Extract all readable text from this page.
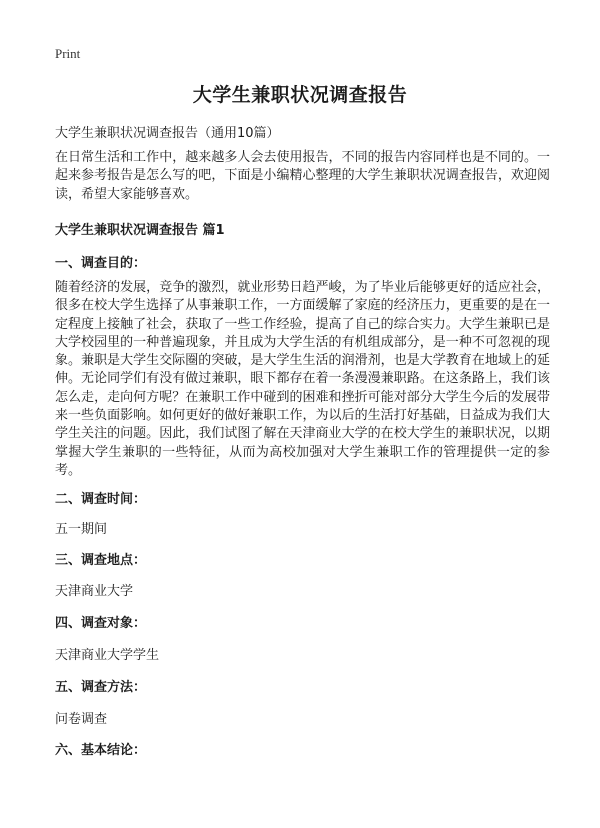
Print
大学生兼职状况调查报告
大学生兼职状况调查报告（通用10篇）

在日常生活和工作中，越来越多人会去使用报告，不同的报告内容同样也是不同的。一起来参考报告是怎么写的吧，下面是小编精心整理的大学生兼职状况调查报告，欢迎阅读，希望大家能够喜欢。

大学生兼职状况调查报告 篇1
一、调查目的：

随着经济的发展，竞争的激烈，就业形势日趋严峻，为了毕业后能够更好的适应社会，很多在校大学生选择了从事兼职工作，一方面缓解了家庭的经济压力，更重要的是在一定程度上接触了社会，获取了一些工作经验，提高了自己的综合实力。大学生兼职已是大学校园里的一种普遍现象，并且成为大学生活的有机组成部分，是一种不可忽视的现象。兼职是大学生交际圈的突破，是大学生生活的润滑剂，也是大学教育在地域上的延伸。无论同学们有没有做过兼职，眼下都存在着一条漫漫兼职路。在这条路上，我们该怎么走，走向何方呢？在兼职工作中碰到的困难和挫折可能对部分大学生今后的发展带来一些负面影响。如何更好的做好兼职工作，为以后的生活打好基础，日益成为我们大学生关注的问题。因此，我们试图了解在天津商业大学的在校大学生的兼职状况，以期掌握大学生兼职的一些特征，从而为高校加强对大学生兼职工作的管理提供一定的参考。

二、调查时间：
五一期间
三、调查地点：
天津商业大学
四、调查对象：
天津商业大学学生
五、调查方法：
问卷调查
六、基本结论：
